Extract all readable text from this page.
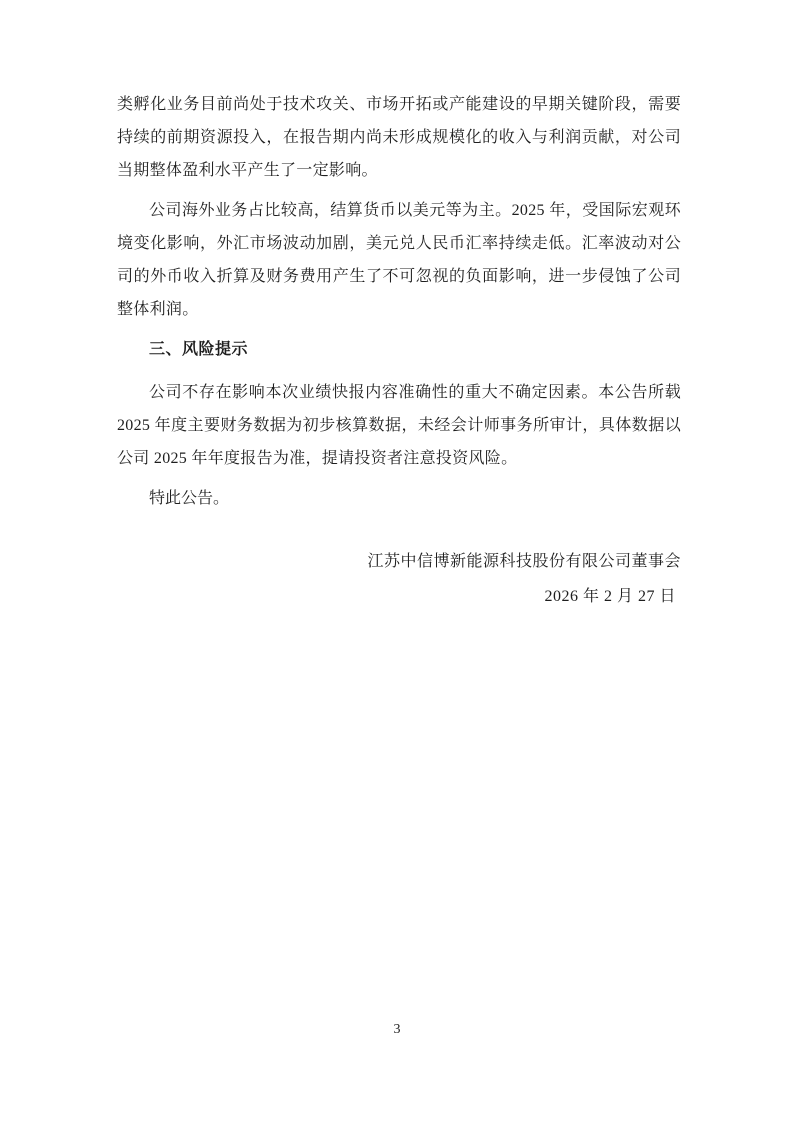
类孵化业务目前尚处于技术攻关、市场开拓或产能建设的早期关键阶段，需要持续的前期资源投入，在报告期内尚未形成规模化的收入与利润贡献，对公司当期整体盈利水平产生了一定影响。

公司海外业务占比较高，结算货币以美元等为主。2025 年，受国际宏观环境变化影响，外汇市场波动加剧，美元兑人民币汇率持续走低。汇率波动对公司的外币收入折算及财务费用产生了不可忽视的负面影响，进一步侵蚀了公司整体利润。

三、风险提示

公司不存在影响本次业绩快报内容准确性的重大不确定因素。本公告所载 2025 年度主要财务数据为初步核算数据，未经会计师事务所审计，具体数据以公司 2025 年年度报告为准，提请投资者注意投资风险。

特此公告。

江苏中信博新能源科技股份有限公司董事会

2026 年 2 月 27 日

3
